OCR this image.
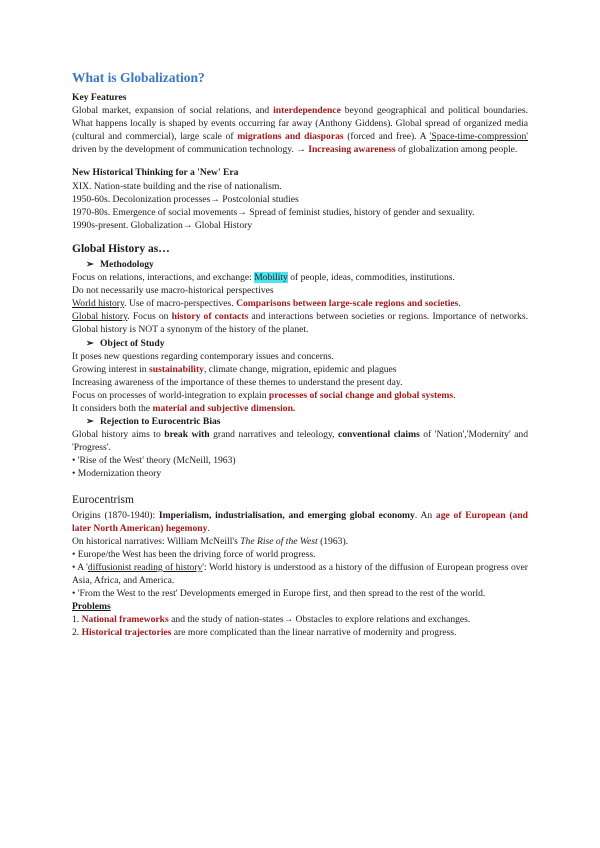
What is Globalization?

Key Features

Global market, expansion of social relations, and interdependence beyond geographical and political boundaries. What happens locally is shaped by events occurring far away (Anthony Giddens). Global spread of organized media (cultural and commercial), large scale of migrations and diasporas (forced and free). A 'Space-time-compression' driven by the development of communication technology. → Increasing awareness of globalization among people.

New Historical Thinking for a 'New' Era

XIX. Nation-state building and the rise of nationalism.

1950-60s. Decolonization processes→ Postcolonial studies

1970-80s. Emergence of social movements→ Spread of feminist studies, history of gender and sexuality.

1990s-present. Globalization→ Global History

Global History as…

➢ Methodology

Focus on relations, interactions, and exchange: Mobility of people, ideas, commodities, institutions.

Do not necessarily use macro-historical perspectives

World history. Use of macro-perspectives. Comparisons between large-scale regions and societies.

Global history. Focus on history of contacts and interactions between societies or regions. Importance of networks. Global history is NOT a synonym of the history of the planet.

➢ Object of Study

It poses new questions regarding contemporary issues and concerns.

Growing interest in sustainability, climate change, migration, epidemic and plagues

Increasing awareness of the importance of these themes to understand the present day.

Focus on processes of world-integration to explain processes of social change and global systems.

It considers both the material and subjective dimension.

➢ Rejection to Eurocentric Bias

Global history aims to break with grand narratives and teleology, conventional claims of 'Nation','Modernity' and 'Progress'.

• 'Rise of the West' theory (McNeill, 1963)

• Modernization theory

Eurocentrism

Origins (1870-1940): Imperialism, industrialisation, and emerging global economy. An age of European (and later North American) hegemony.

On historical narratives: William McNeill's The Rise of the West (1963).

• Europe/the West has been the driving force of world progress.

• A 'diffusionist reading of history': World history is understood as a history of the diffusion of European progress over Asia, Africa, and America.

• 'From the West to the rest' Developments emerged in Europe first, and then spread to the rest of the world.

Problems

1. National frameworks and the study of nation-states→ Obstacles to explore relations and exchanges.

2. Historical trajectories are more complicated than the linear narrative of modernity and progress.
